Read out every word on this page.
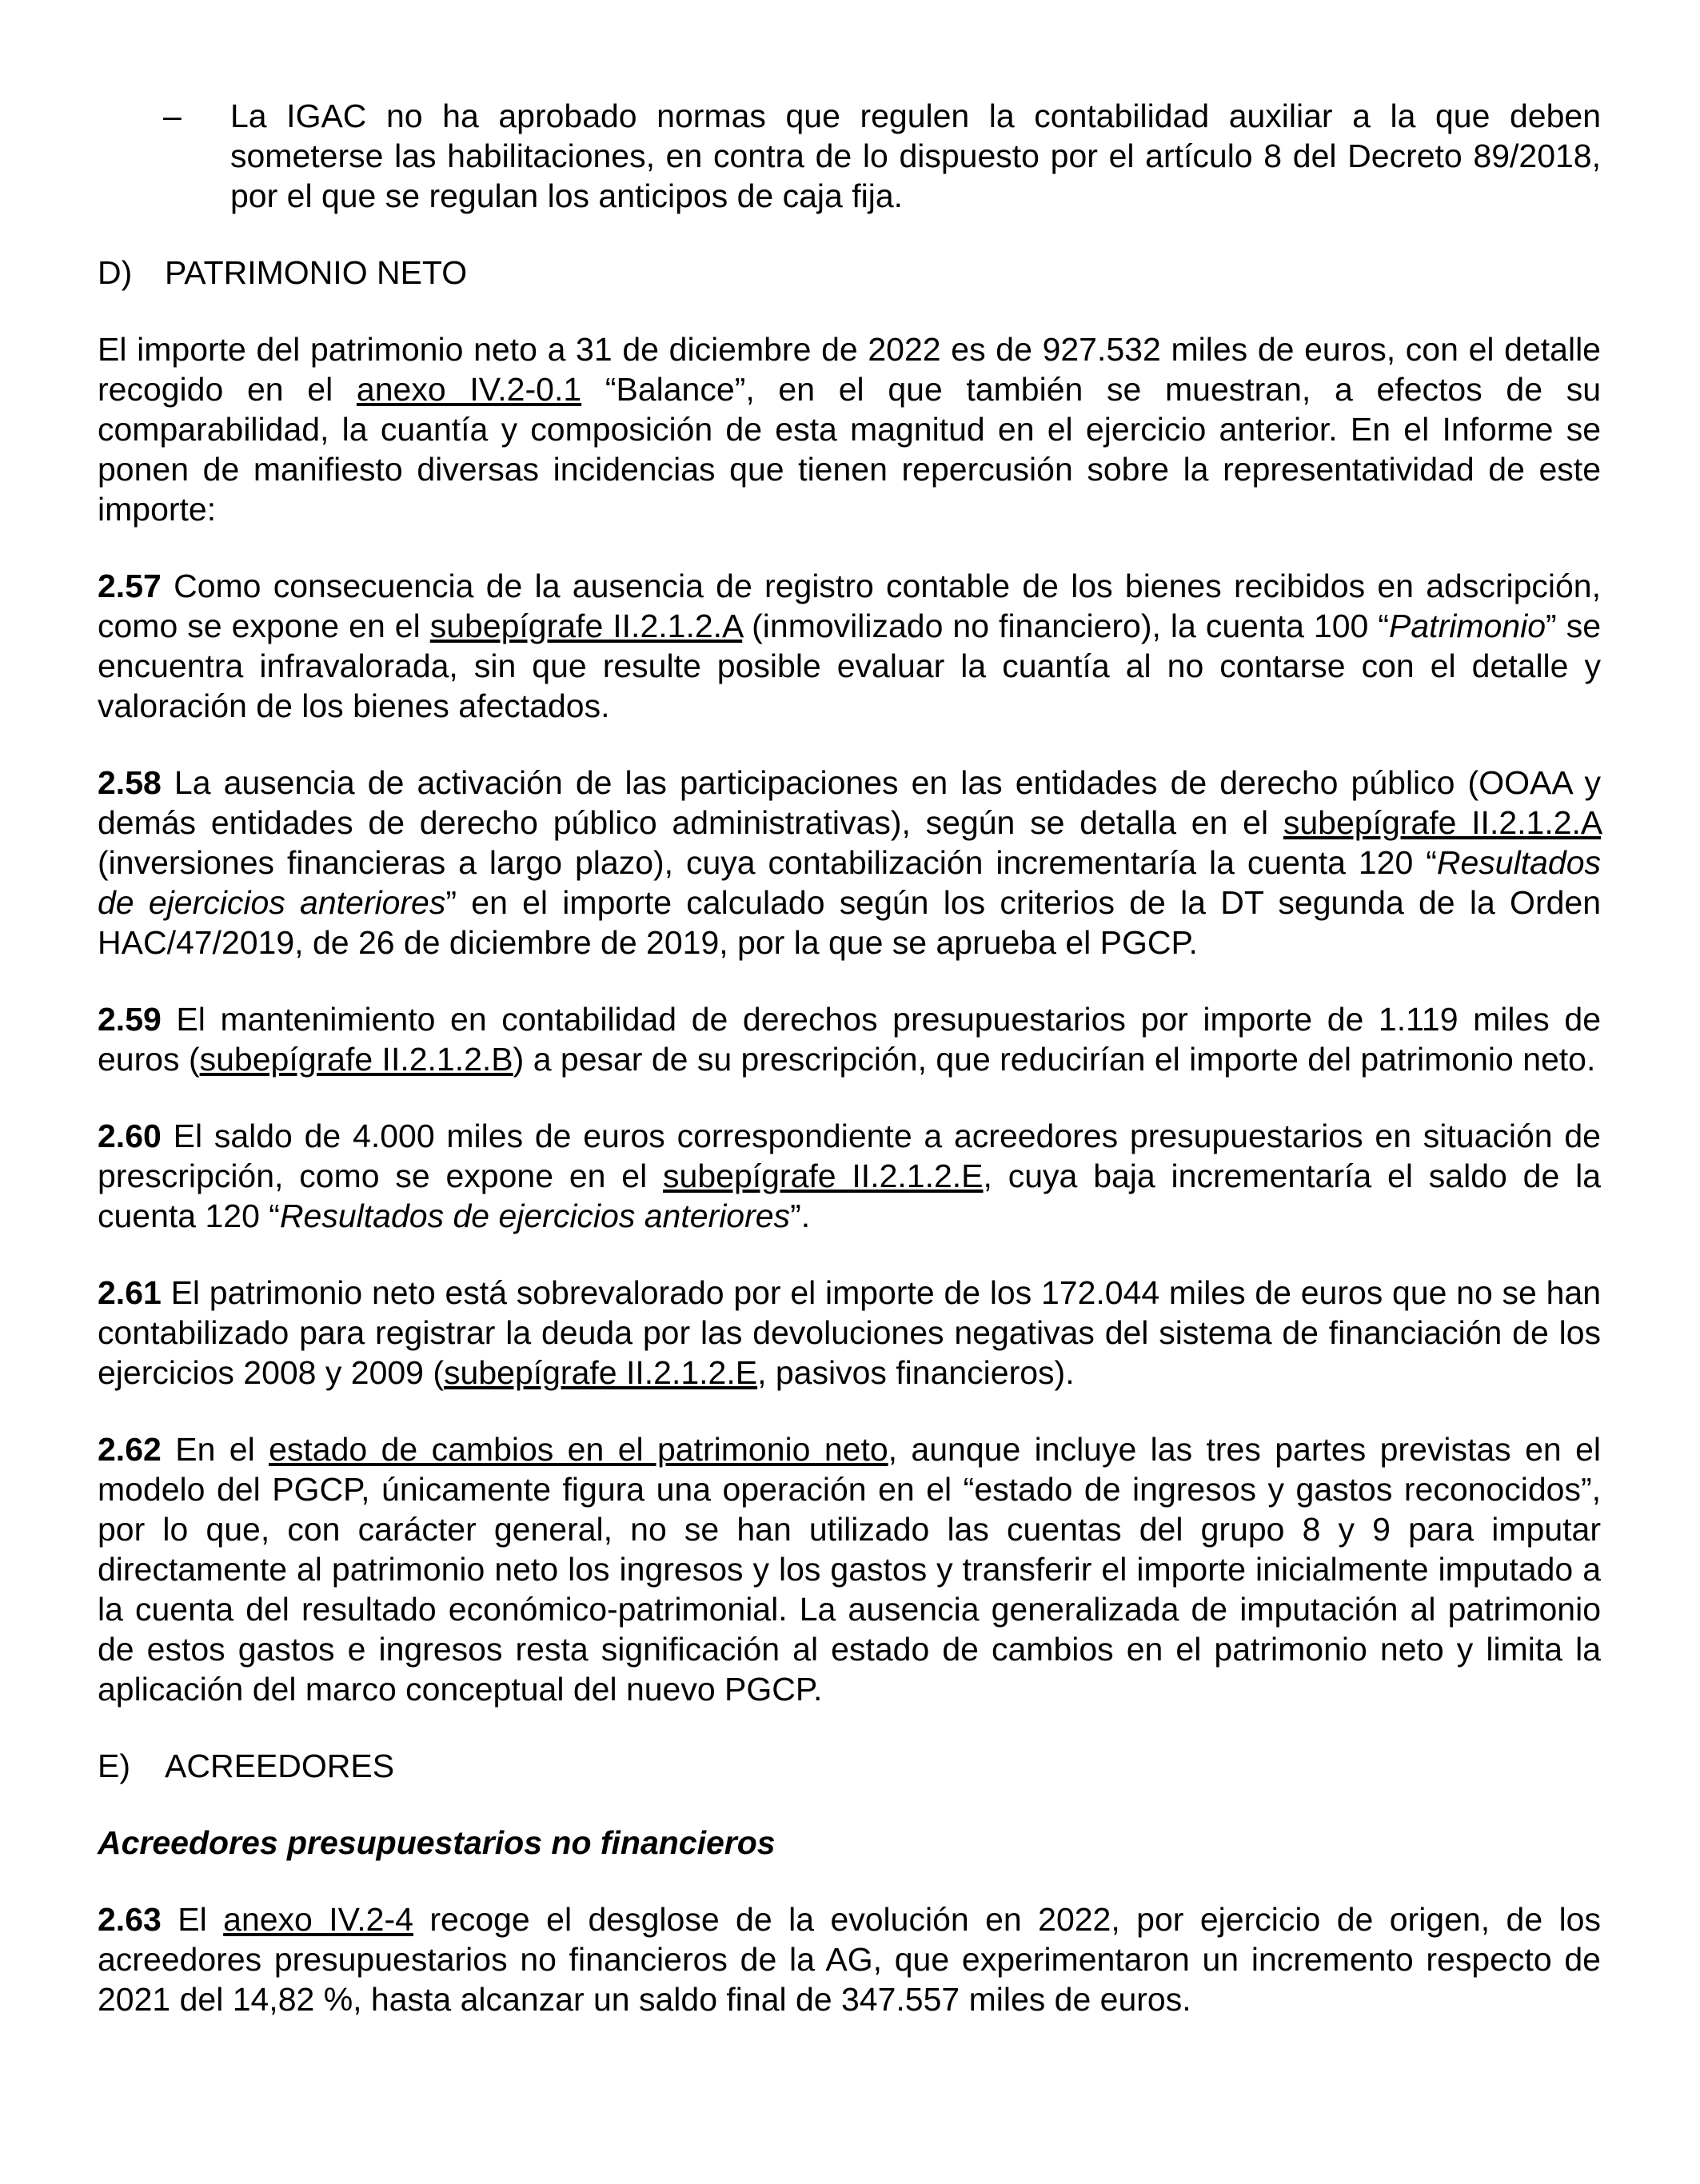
– La IGAC no ha aprobado normas que regulen la contabilidad auxiliar a la que deben someterse las habilitaciones, en contra de lo dispuesto por el artículo 8 del Decreto 89/2018, por el que se regulan los anticipos de caja fija.

D) PATRIMONIO NETO

El importe del patrimonio neto a 31 de diciembre de 2022 es de 927.532 miles de euros, con el detalle recogido en el anexo IV.2-0.1 “Balance”, en el que también se muestran, a efectos de su comparabilidad, la cuantía y composición de esta magnitud en el ejercicio anterior. En el Informe se ponen de manifiesto diversas incidencias que tienen repercusión sobre la representatividad de este importe:

2.57 Como consecuencia de la ausencia de registro contable de los bienes recibidos en adscripción, como se expone en el subepígrafe II.2.1.2.A (inmovilizado no financiero), la cuenta 100 “Patrimonio” se encuentra infravalorada, sin que resulte posible evaluar la cuantía al no contarse con el detalle y valoración de los bienes afectados.

2.58 La ausencia de activación de las participaciones en las entidades de derecho público (OOAA y demás entidades de derecho público administrativas), según se detalla en el subepígrafe II.2.1.2.A (inversiones financieras a largo plazo), cuya contabilización incrementaría la cuenta 120 “Resultados de ejercicios anteriores” en el importe calculado según los criterios de la DT segunda de la Orden HAC/47/2019, de 26 de diciembre de 2019, por la que se aprueba el PGCP.

2.59 El mantenimiento en contabilidad de derechos presupuestarios por importe de 1.119 miles de euros (subepígrafe II.2.1.2.B) a pesar de su prescripción, que reducirían el importe del patrimonio neto.

2.60 El saldo de 4.000 miles de euros correspondiente a acreedores presupuestarios en situación de prescripción, como se expone en el subepígrafe II.2.1.2.E, cuya baja incrementaría el saldo de la cuenta 120 “Resultados de ejercicios anteriores”.

2.61 El patrimonio neto está sobrevalorado por el importe de los 172.044 miles de euros que no se han contabilizado para registrar la deuda por las devoluciones negativas del sistema de financiación de los ejercicios 2008 y 2009 (subepígrafe II.2.1.2.E, pasivos financieros).

2.62 En el estado de cambios en el patrimonio neto, aunque incluye las tres partes previstas en el modelo del PGCP, únicamente figura una operación en el “estado de ingresos y gastos reconocidos”, por lo que, con carácter general, no se han utilizado las cuentas del grupo 8 y 9 para imputar directamente al patrimonio neto los ingresos y los gastos y transferir el importe inicialmente imputado a la cuenta del resultado económico-patrimonial. La ausencia generalizada de imputación al patrimonio de estos gastos e ingresos resta significación al estado de cambios en el patrimonio neto y limita la aplicación del marco conceptual del nuevo PGCP.

E) ACREEDORES

Acreedores presupuestarios no financieros

2.63 El anexo IV.2-4 recoge el desglose de la evolución en 2022, por ejercicio de origen, de los acreedores presupuestarios no financieros de la AG, que experimentaron un incremento respecto de 2021 del 14,82 %, hasta alcanzar un saldo final de 347.557 miles de euros.
